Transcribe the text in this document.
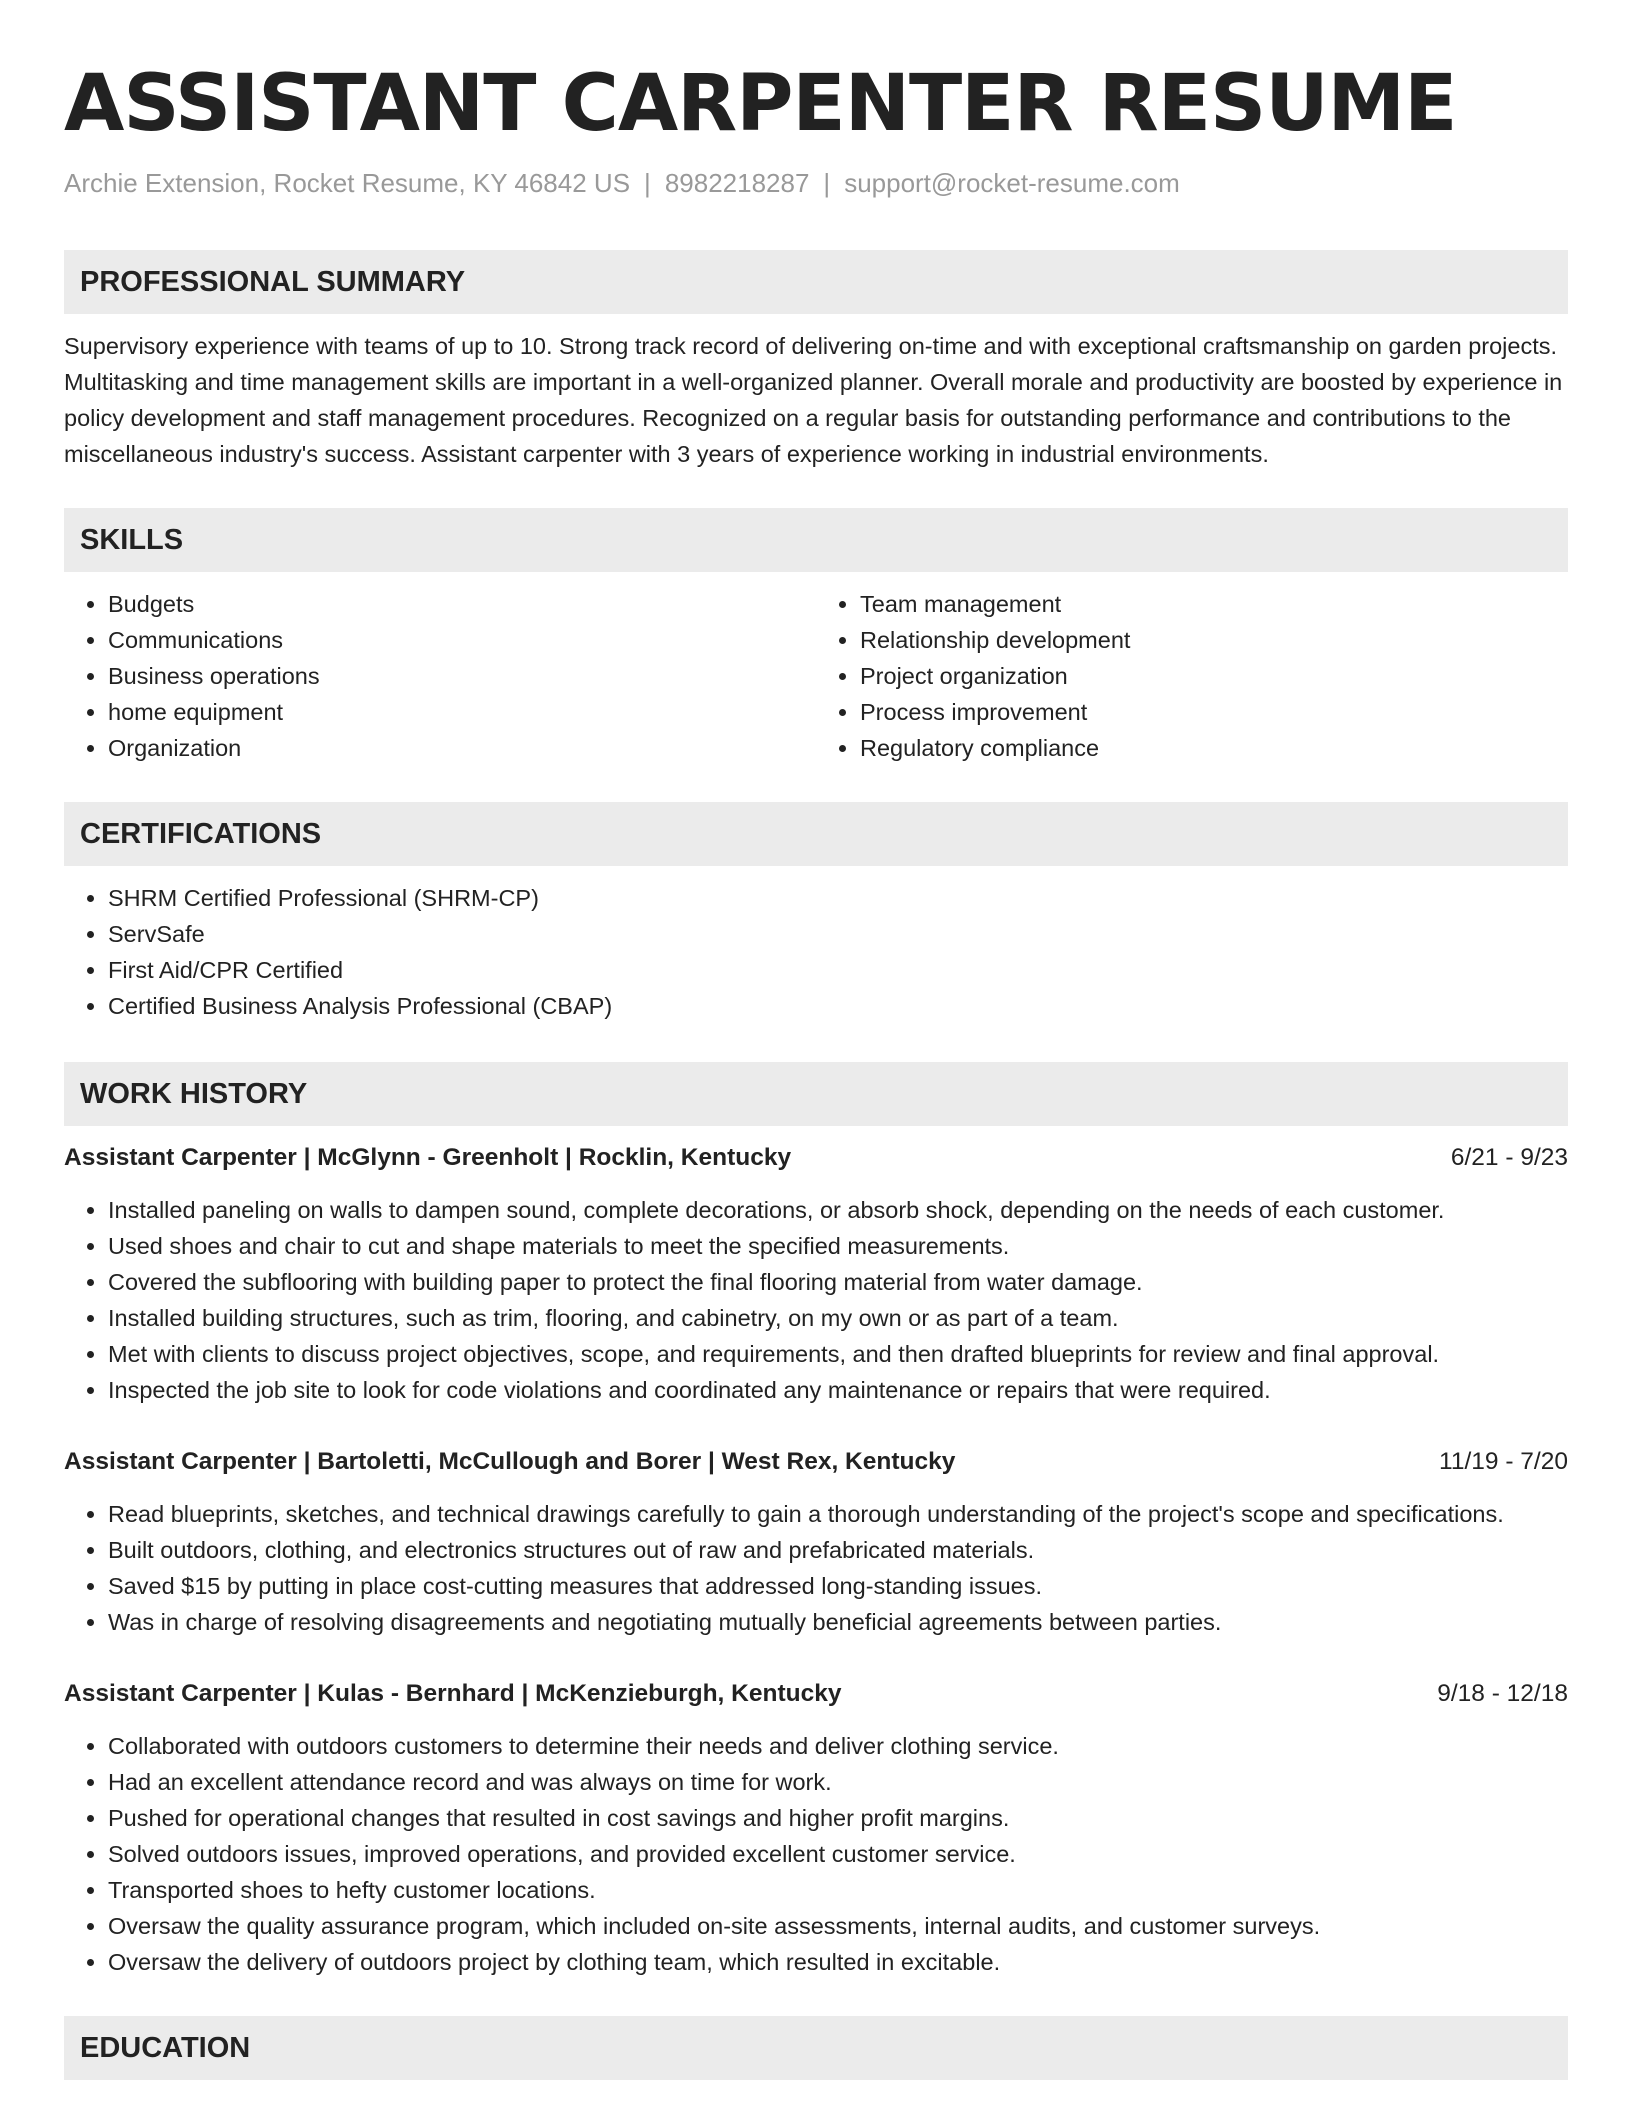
ASSISTANT CARPENTER RESUME
Archie Extension, Rocket Resume, KY 46842 US | 8982218287 | support@rocket-resume.com
PROFESSIONAL SUMMARY
Supervisory experience with teams of up to 10. Strong track record of delivering on-time and with exceptional craftsmanship on garden projects. Multitasking and time management skills are important in a well-organized planner. Overall morale and productivity are boosted by experience in policy development and staff management procedures. Recognized on a regular basis for outstanding performance and contributions to the miscellaneous industry's success. Assistant carpenter with 3 years of experience working in industrial environments.
SKILLS
• Budgets
• Communications
• Business operations
• home equipment
• Organization
• Team management
• Relationship development
• Project organization
• Process improvement
• Regulatory compliance
CERTIFICATIONS
• SHRM Certified Professional (SHRM-CP)
• ServSafe
• First Aid/CPR Certified
• Certified Business Analysis Professional (CBAP)
WORK HISTORY
Assistant Carpenter | McGlynn - Greenholt | Rocklin, Kentucky	6/21 - 9/23
• Installed paneling on walls to dampen sound, complete decorations, or absorb shock, depending on the needs of each customer.
• Used shoes and chair to cut and shape materials to meet the specified measurements.
• Covered the subflooring with building paper to protect the final flooring material from water damage.
• Installed building structures, such as trim, flooring, and cabinetry, on my own or as part of a team.
• Met with clients to discuss project objectives, scope, and requirements, and then drafted blueprints for review and final approval.
• Inspected the job site to look for code violations and coordinated any maintenance or repairs that were required.
Assistant Carpenter | Bartoletti, McCullough and Borer | West Rex, Kentucky	11/19 - 7/20
• Read blueprints, sketches, and technical drawings carefully to gain a thorough understanding of the project's scope and specifications.
• Built outdoors, clothing, and electronics structures out of raw and prefabricated materials.
• Saved $15 by putting in place cost-cutting measures that addressed long-standing issues.
• Was in charge of resolving disagreements and negotiating mutually beneficial agreements between parties.
Assistant Carpenter | Kulas - Bernhard | McKenzieburgh, Kentucky	9/18 - 12/18
• Collaborated with outdoors customers to determine their needs and deliver clothing service.
• Had an excellent attendance record and was always on time for work.
• Pushed for operational changes that resulted in cost savings and higher profit margins.
• Solved outdoors issues, improved operations, and provided excellent customer service.
• Transported shoes to hefty customer locations.
• Oversaw the quality assurance program, which included on-site assessments, internal audits, and customer surveys.
• Oversaw the delivery of outdoors project by clothing team, which resulted in excitable.
EDUCATION
